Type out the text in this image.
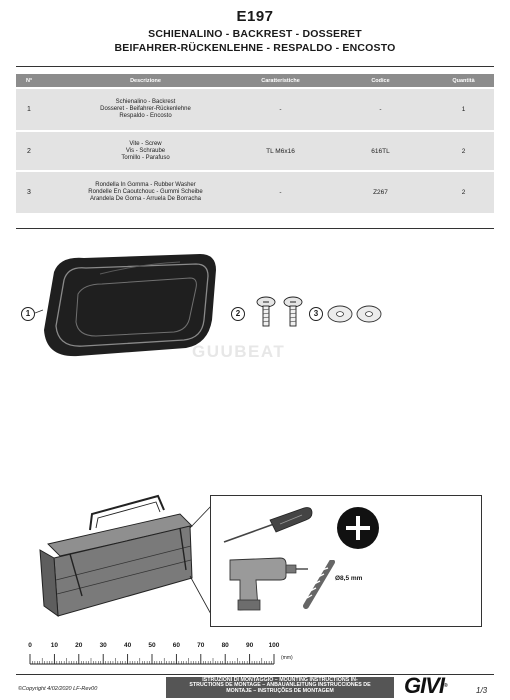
E197
SCHIENALINO - BACKREST - DOSSERET
BEIFAHRER-RÜCKENLEHNE - RESPALDO - ENCOSTO
N°	Descrizione	Caratteristiche	Codice	Quantità
1	Schienalino - Backrest
Dosseret - Beifahrer-Rückenlehne
Respaldo - Encosto	-	-	1
2	Vite - Screw
Vis - Schraube
Tornillo - Parafuso	TL M6x16	616TL	2
3	Rondella In Gomma - Rubber Washer
Rondelle En Caoutchouc - Gummi Scheibe
Arandela De Goma - Arruela De Borracha	-	Z267	2
1	2	3
GUUBEAT
Ø8,5 mm
0	10	20	30	40	50	60	70	80	90 100
(mm)
©Copyright 4/02/2020 LF-Rev00
ISTRUZIONI DI MONTAGGIO – MOUNTING INSTRUCTIONS IN-
STRUCTIONS DE MONTAGE – ANBAUANLEITUNG INSTRUCCIONES DE
MONTAJE – INSTRUÇÕES DE MONTAGEM	GIVI®	1/3
